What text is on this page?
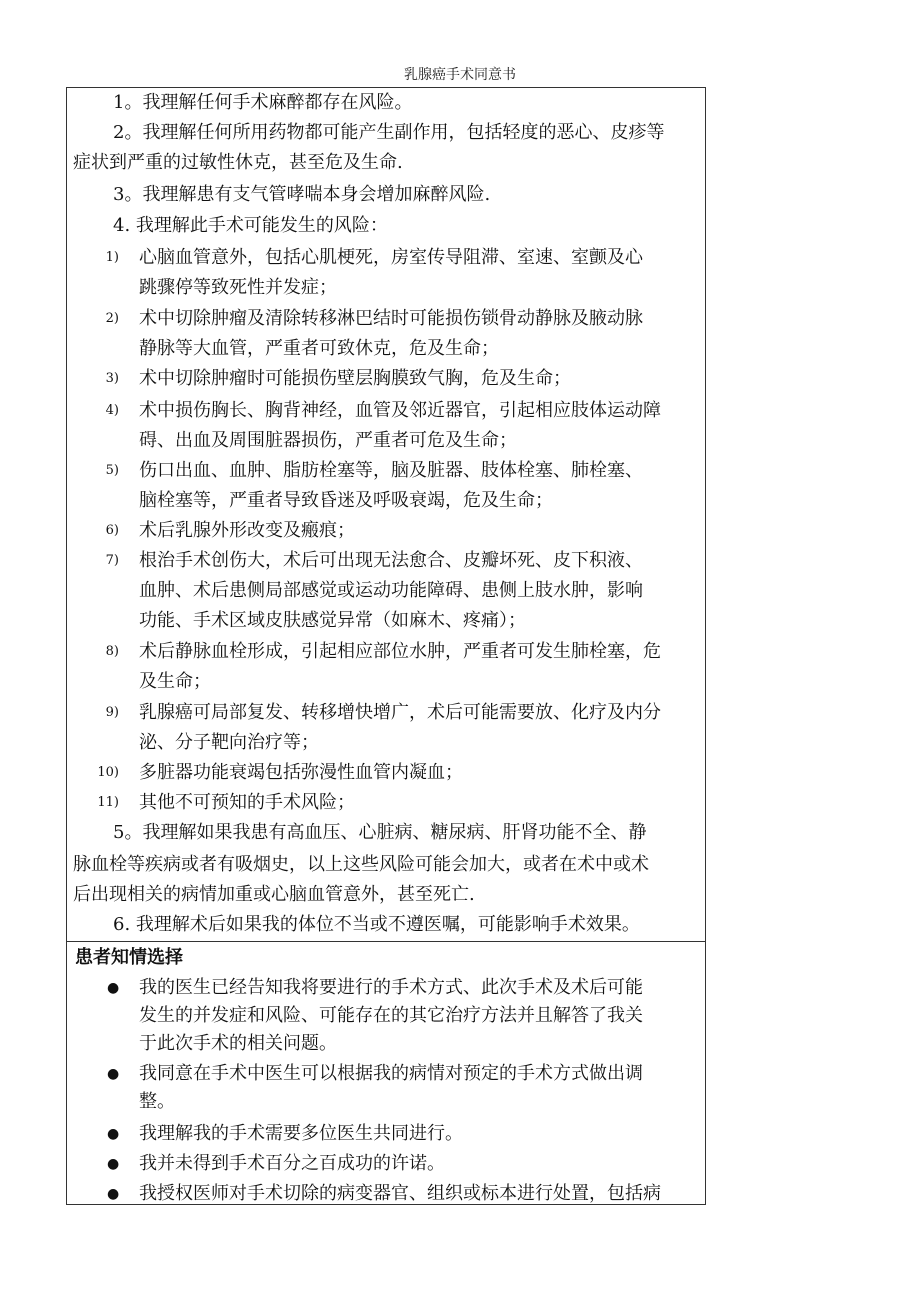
乳腺癌手术同意书
1。我理解任何手术麻醉都存在风险。
2。我理解任何所用药物都可能产生副作用，包括轻度的恶心、皮疹等
症状到严重的过敏性休克，甚至危及生命.
3。我理解患有支气管哮喘本身会增加麻醉风险.
4. 我理解此手术可能发生的风险：
1) 心脑血管意外，包括心肌梗死，房室传导阻滞、室速、室颤及心
跳骤停等致死性并发症；
2) 术中切除肿瘤及清除转移淋巴结时可能损伤锁骨动静脉及腋动脉
静脉等大血管，严重者可致休克，危及生命；
3) 术中切除肿瘤时可能损伤壁层胸膜致气胸，危及生命；
4) 术中损伤胸长、胸背神经，血管及邻近器官，引起相应肢体运动障
碍、出血及周围脏器损伤，严重者可危及生命；
5) 伤口出血、血肿、脂肪栓塞等，脑及脏器、肢体栓塞、肺栓塞、
脑栓塞等，严重者导致昏迷及呼吸衰竭，危及生命；
6) 术后乳腺外形改变及瘢痕；
7) 根治手术创伤大，术后可出现无法愈合、皮瓣坏死、皮下积液、
血肿、术后患侧局部感觉或运动功能障碍、患侧上肢水肿，影响
功能、手术区域皮肤感觉异常（如麻木、疼痛）；
8) 术后静脉血栓形成，引起相应部位水肿，严重者可发生肺栓塞，危
及生命；
9) 乳腺癌可局部复发、转移增快增广，术后可能需要放、化疗及内分
泌、分子靶向治疗等；
10) 多脏器功能衰竭包括弥漫性血管内凝血；
11) 其他不可预知的手术风险；
5。我理解如果我患有高血压、心脏病、糖尿病、肝肾功能不全、静
脉血栓等疾病或者有吸烟史，以上这些风险可能会加大，或者在术中或术
后出现相关的病情加重或心脑血管意外，甚至死亡.
6. 我理解术后如果我的体位不当或不遵医嘱，可能影响手术效果。
患者知情选择
● 我的医生已经告知我将要进行的手术方式、此次手术及术后可能
发生的并发症和风险、可能存在的其它治疗方法并且解答了我关
于此次手术的相关问题。
● 我同意在手术中医生可以根据我的病情对预定的手术方式做出调
整。
● 我理解我的手术需要多位医生共同进行。
● 我并未得到手术百分之百成功的许诺。
● 我授权医师对手术切除的病变器官、组织或标本进行处置，包括病
